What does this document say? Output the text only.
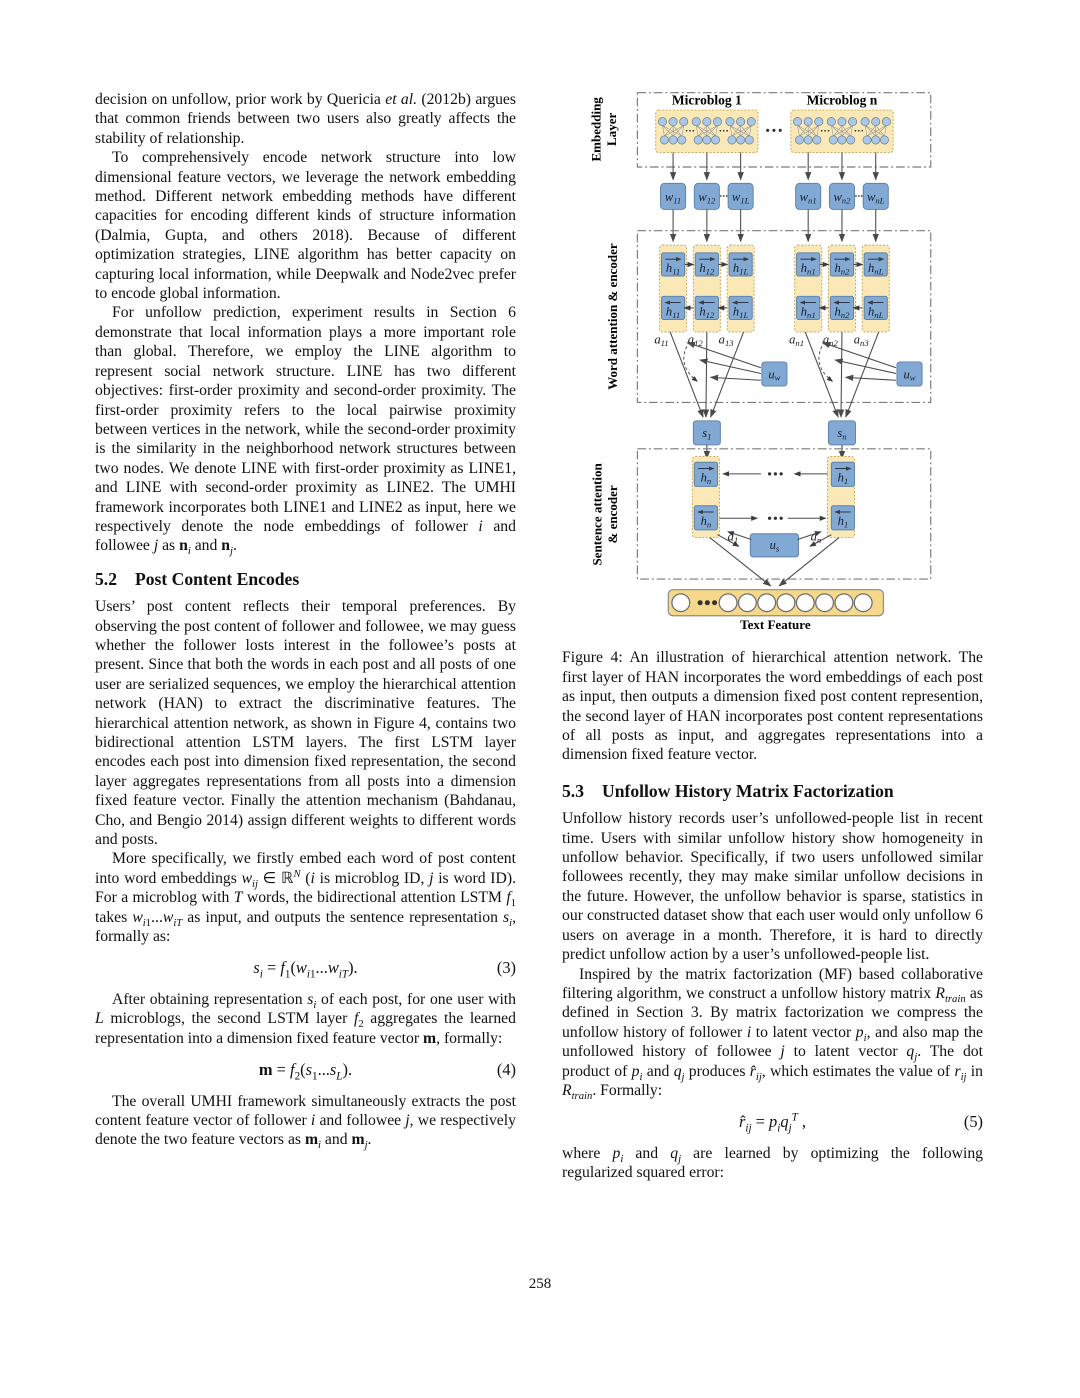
decision on unfollow, prior work by Quericia et al. (2012b) argues that common friends between two users also greatly affects the stability of relationship.

To comprehensively encode network structure into low dimensional feature vectors, we leverage the network embedding method. Different network embedding methods have different capacities for encoding different kinds of structure information (Dalmia, Gupta, and others 2018). Because of different optimization strategies, LINE algorithm has better capacity on capturing local information, while Deepwalk and Node2vec prefer to encode global information.

For unfollow prediction, experiment results in Section 6 demonstrate that local information plays a more important role than global. Therefore, we employ the LINE algorithm to represent social network structure. LINE has two different objectives: first-order proximity and second-order proximity. The first-order proximity refers to the local pairwise proximity between vertices in the network, while the second-order proximity is the similarity in the neighborhood network structures between two nodes. We denote LINE with first-order proximity as LINE1, and LINE with second-order proximity as LINE2. The UMHI framework incorporates both LINE1 and LINE2 as input, here we respectively denote the node embeddings of follower i and followee j as $n_i$ and $n_j$.

5.2 Post Content Encodes

Users’ post content reflects their temporal preferences. By observing the post content of follower and followee, we may guess whether the follower losts interest in the followee’s posts at present. Since that both the words in each post and all posts of one user are serialized sequences, we employ the hierarchical attention network (HAN) to extract the discriminative features. The hierarchical attention network, as shown in Figure 4, contains two bidirectional attention LSTM layers. The first LSTM layer encodes each post into dimension fixed representation, the second layer aggregates representations from all posts into a dimension fixed feature vector. Finally the attention mechanism (Bahdanau, Cho, and Bengio 2014) assign different weights to different words and posts.

More specifically, we firstly embed each word of post content into word embeddings $w_{ij}$ ∈ ℝ$^N$ (i is microblog ID, j is word ID). For a microblog with T words, the bidirectional attention LSTM $f_1$ takes $w_{i1}...w_{iT}$ as input, and outputs the sentence representation $s_i$, formally as:

$s_i = f_1(w_{i1}...w_{iT})$.	(3)

After obtaining representation $s_i$ of each post, for one user with L microblogs, the second LSTM layer $f_2$ aggregates the learned representation into a dimension fixed feature vector m, formally:

$m = f_2(s_1...s_L)$.	(4)

The overall UMHI framework simultaneously extracts the post content feature vector of follower i and followee j, we respectively denote the two feature vectors as $m_i$ and $m_j$.

Embedding Layer
Word attention & encoder
Sentence attention & encoder
Microblog 1	Microblog n
$w_{11}$ $w_{12}$ $w_{1L}$	$w_{n1}$ $w_{n2}$ $w_{nL}$
h11 h12 h1L	hn1 hn2 hnL
h11 h12 h1L	hn1 hn2 hnL
a11 a12 a13	an1 an2 an3
uw	uw
s1	sn
hn
hn
h1
h1
us
a1	an
Text Feature

Figure 4: An illustration of hierarchical attention network. The first layer of HAN incorporates the word embeddings of each post as input, then outputs a dimension fixed post content represention, the second layer of HAN incorporates post content representations of all posts as input, and aggregates representations into a dimension fixed feature vector.

5.3 Unfollow History Matrix Factorization

Unfollow history records user’s unfollowed-people list in recent time. Users with similar unfollow history show homogeneity in unfollow behavior. Specifically, if two users unfollowed similar followees recently, they may make similar unfollow decisions in the future. However, the unfollow behavior is sparse, statistics in our constructed dataset show that each user would only unfollow 6 users on average in a month. Therefore, it is hard to directly predict unfollow action by a user’s unfollowed-people list.

Inspired by the matrix factorization (MF) based collaborative filtering algorithm, we construct a unfollow history matrix $R_{train}$ as defined in Section 3. By matrix factorization we compress the unfollow history of follower i to latent vector $p_i$, and also map the unfollowed history of followee j to latent vector $q_j$. The dot product of $p_i$ and $q_j$ produces $r̂_{ij}$, which estimates the value of $r_{ij}$ in $R_{train}$. Formally:

$r̂_{ij} = p_iq_j^T$ ,	(5)

where $p_i$ and $q_j$ are learned by optimizing the following regularized squared error:

258
